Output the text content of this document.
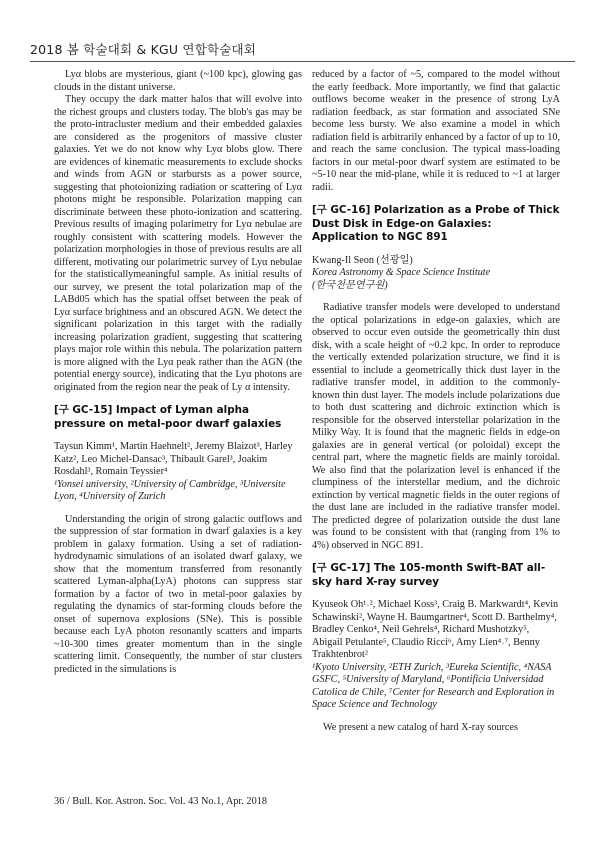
2018 봄 학술대회 & KGU 연합학술대회

Lyα blobs are mysterious, giant (~100 kpc), glowing gas clouds in the distant universe.

They occupy the dark matter halos that will evolve into the richest groups and clusters today. The blob's gas may be the proto-intracluster medium and their embedded galaxies are considered as the progenitors of massive cluster galaxies. Yet we do not know why Lyα blobs glow. There are evidences of kinematic measurements to exclude shocks and winds from AGN or starbursts as a power source, suggesting that photoionizing radiation or scattering of Lyα photons might be responsible. Polarization mapping can discriminate between these photo-ionization and scattering. Previous results of imaging polarimetry for Lyα nebulae are roughly consistent with scattering models. However the polarization morphologies in those of previous results are all different, motivating our polarimetric survey of Lyα nebulae for the statisticallymeaningful sample. As initial results of our survey, we present the total polarization map of the LABd05 which has the spatial offset between the peak of Lyα surface brightness and an obscured AGN. We detect the significant polarization in this target with the radially increasing polarization gradient, suggesting that scattering plays major role within this nebula. The polarization pattern is more aligned with the Lyα peak rather than the AGN (the potential energy source), indicating that the Lyα photons are originated from the region near the peak of Ly α intensity.

[구 GC-15] Impact of Lyman alpha pressure on metal-poor dwarf galaxies

Taysun Kimm¹, Martin Haehnelt², Jeremy Blaizot³, Harley Katz², Leo Michel-Dansac³, Thibault Garel³, Joakim Rosdahl³, Romain Teyssier⁴

¹Yonsei university, ²University of Cambridge, ³Universite Lyon, ⁴University of Zurich

Understanding the origin of strong galactic outflows and the suppression of star formation in dwarf galaxies is a key problem in galaxy formation. Using a set of radiation-hydrodynamic simulations of an isolated dwarf galaxy, we show that the momentum transferred from resonantly scattered Lyman-alpha(LyA) photons can suppress star formation by a factor of two in metal-poor galaxies by regulating the dynamics of star-forming clouds before the onset of supernova explosions (SNe). This is possible because each LyA photon resonantly scatters and imparts ~10-300 times greater momentum than in the single scattering limit. Consequently, the number of star clusters predicted in the simulations is

reduced by a factor of ~5, compared to the model without the early feedback. More importantly, we find that galactic outflows become weaker in the presence of strong LyA radiation feedback, as star formation and associated SNe become less bursty. We also examine a model in which radiation field is arbitrarily enhanced by a factor of up to 10, and reach the same conclusion. The typical mass-loading factors in our metal-poor dwarf system are estimated to be ~5-10 near the mid-plane, while it is reduced to ~1 at larger radii.

[구 GC-16] Polarization as a Probe of Thick Dust Disk in Edge-on Galaxies: Application to NGC 891

Kwang-Il Seon (선광일)

Korea Astronomy & Space Science Institute

(한국천문연구원)

Radiative transfer models were developed to understand the optical polarizations in edge-on galaxies, which are observed to occur even outside the geometrically thin dust disk, with a scale height of ~0.2 kpc. In order to reproduce the vertically extended polarization structure, we find it is essential to include a geometrically thick dust layer in the radiative transfer model, in addition to the commonly-known thin dust layer. The models include polarizations due to both dust scattering and dichroic extinction which is responsible for the observed interstellar polarization in the Milky Way. It is found that the magnetic fields in edge-on galaxies are in general vertical (or poloidal) except the central part, where the magnetic fields are mainly toroidal. We also find that the polarization level is enhanced if the clumpiness of the interstellar medium, and the dichroic extinction by vertical magnetic fields in the outer regions of the dust lane are included in the radiative transfer model. The predicted degree of polarization outside the dust lane was found to be consistent with that (ranging from 1% to 4%) observed in NGC 891.

[구 GC-17] The 105-month Swift-BAT all-sky hard X-ray survey

Kyuseok Oh¹˒², Michael Koss³, Craig B. Markwardt⁴, Kevin Schawinski², Wayne H. Baumgartner⁴, Scott D. Barthelmy⁴, Bradley Cenko⁴, Neil Gehrels⁴, Richard Mushotzky⁵, Abigail Petulante⁵, Claudio Ricci⁶, Amy Lien⁴˒⁷, Benny Trakhtenbrot²

¹Kyoto University, ²ETH Zurich, ³Eureka Scientific, ⁴NASA GSFC, ⁵University of Maryland, ⁶Pontificia Universidad Catolica de Chile, ⁷Center for Research and Exploration in Space Science and Technology

We present a new catalog of hard X-ray sources

36 / Bull. Kor. Astron. Soc. Vol. 43 No.1, Apr. 2018
